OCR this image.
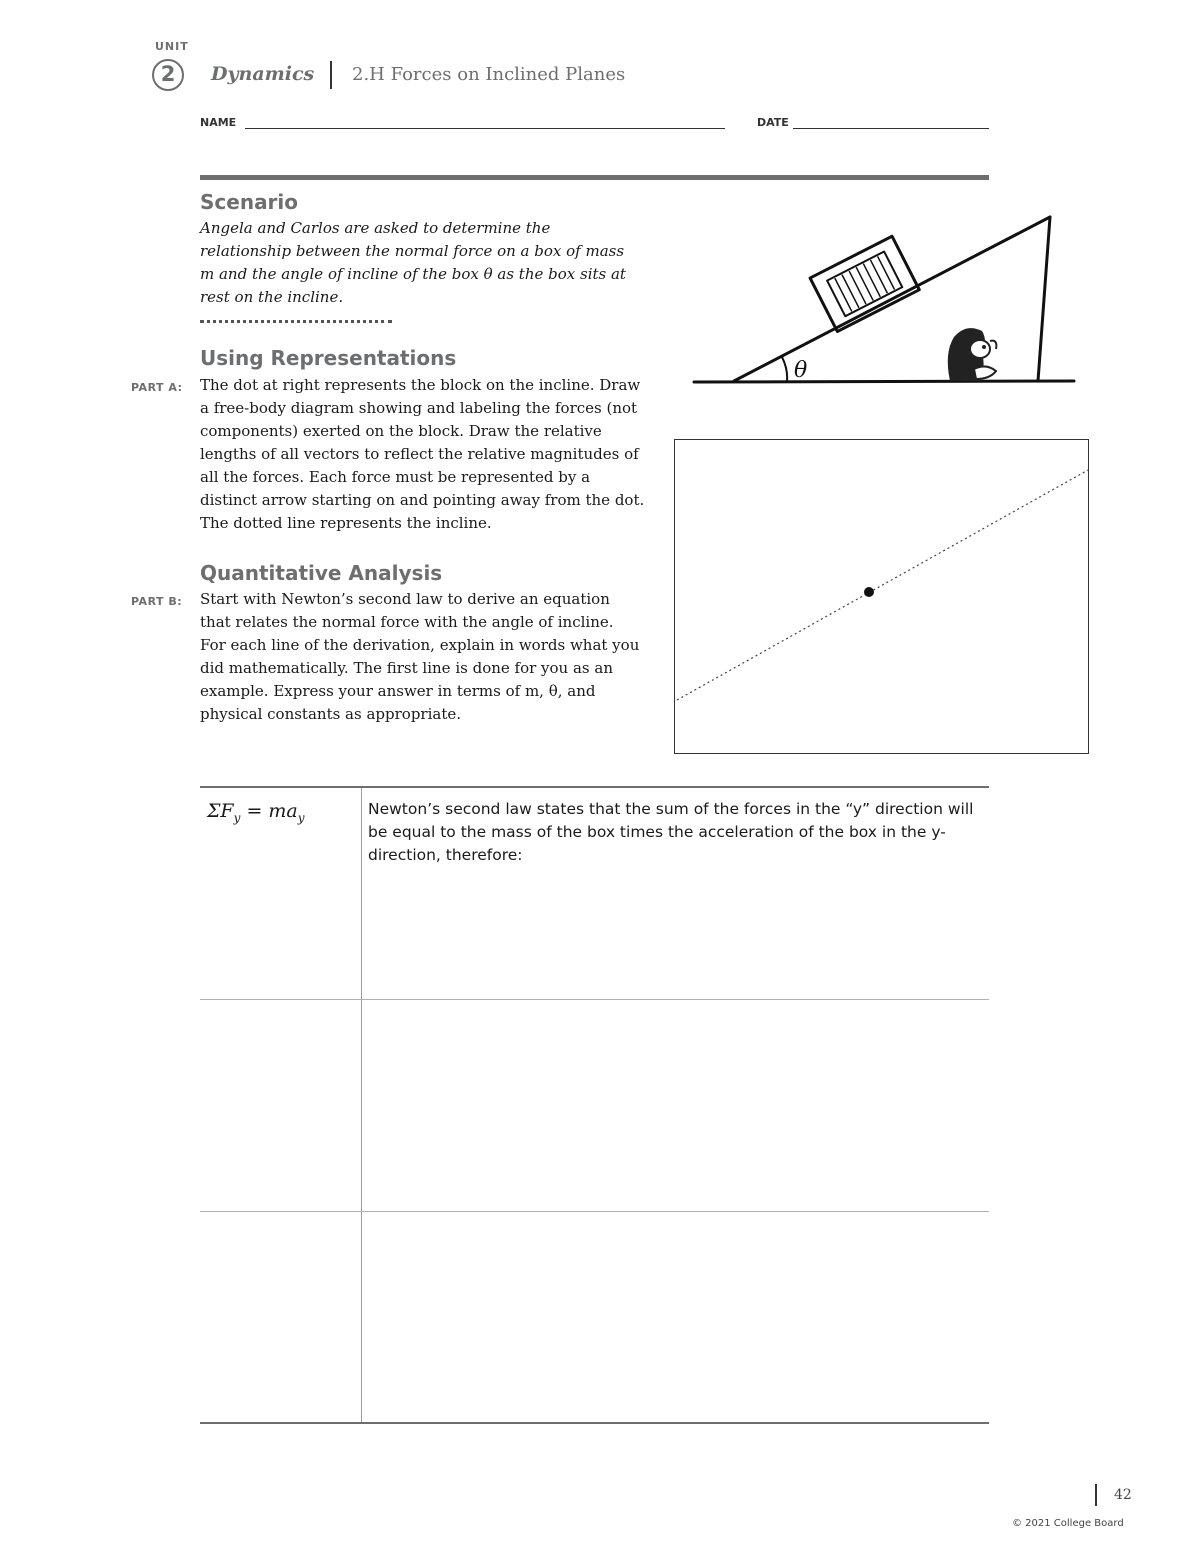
UNIT
2	Dynamics 2.H Forces on Inclined Planes
NAME	DATE
Scenario
Angela and Carlos are asked to determine the relationship between the normal force on a box of mass m and the angle of incline of the box θ as the box sits at rest on the incline.
Using Representations
PART A: The dot at right represents the block on the incline. Draw a free-body diagram showing and labeling the forces (not components) exerted on the block. Draw the relative lengths of all vectors to reflect the relative magnitudes of all the forces. Each force must be represented by a distinct arrow starting on and pointing away from the dot. The dotted line represents the incline.
Quantitative Analysis
PART B: Start with Newton’s second law to derive an equation that relates the normal force with the angle of incline. For each line of the derivation, explain in words what you did mathematically. The first line is done for you as an example. Express your answer in terms of m, θ, and physical constants as appropriate.
θ
$\Sigma F_y = ma_y$	Newton’s second law states that the sum of the forces in the “y” direction will be equal to the mass of the box times the acceleration of the box in the y-direction, therefore:
42
© 2021 College Board
